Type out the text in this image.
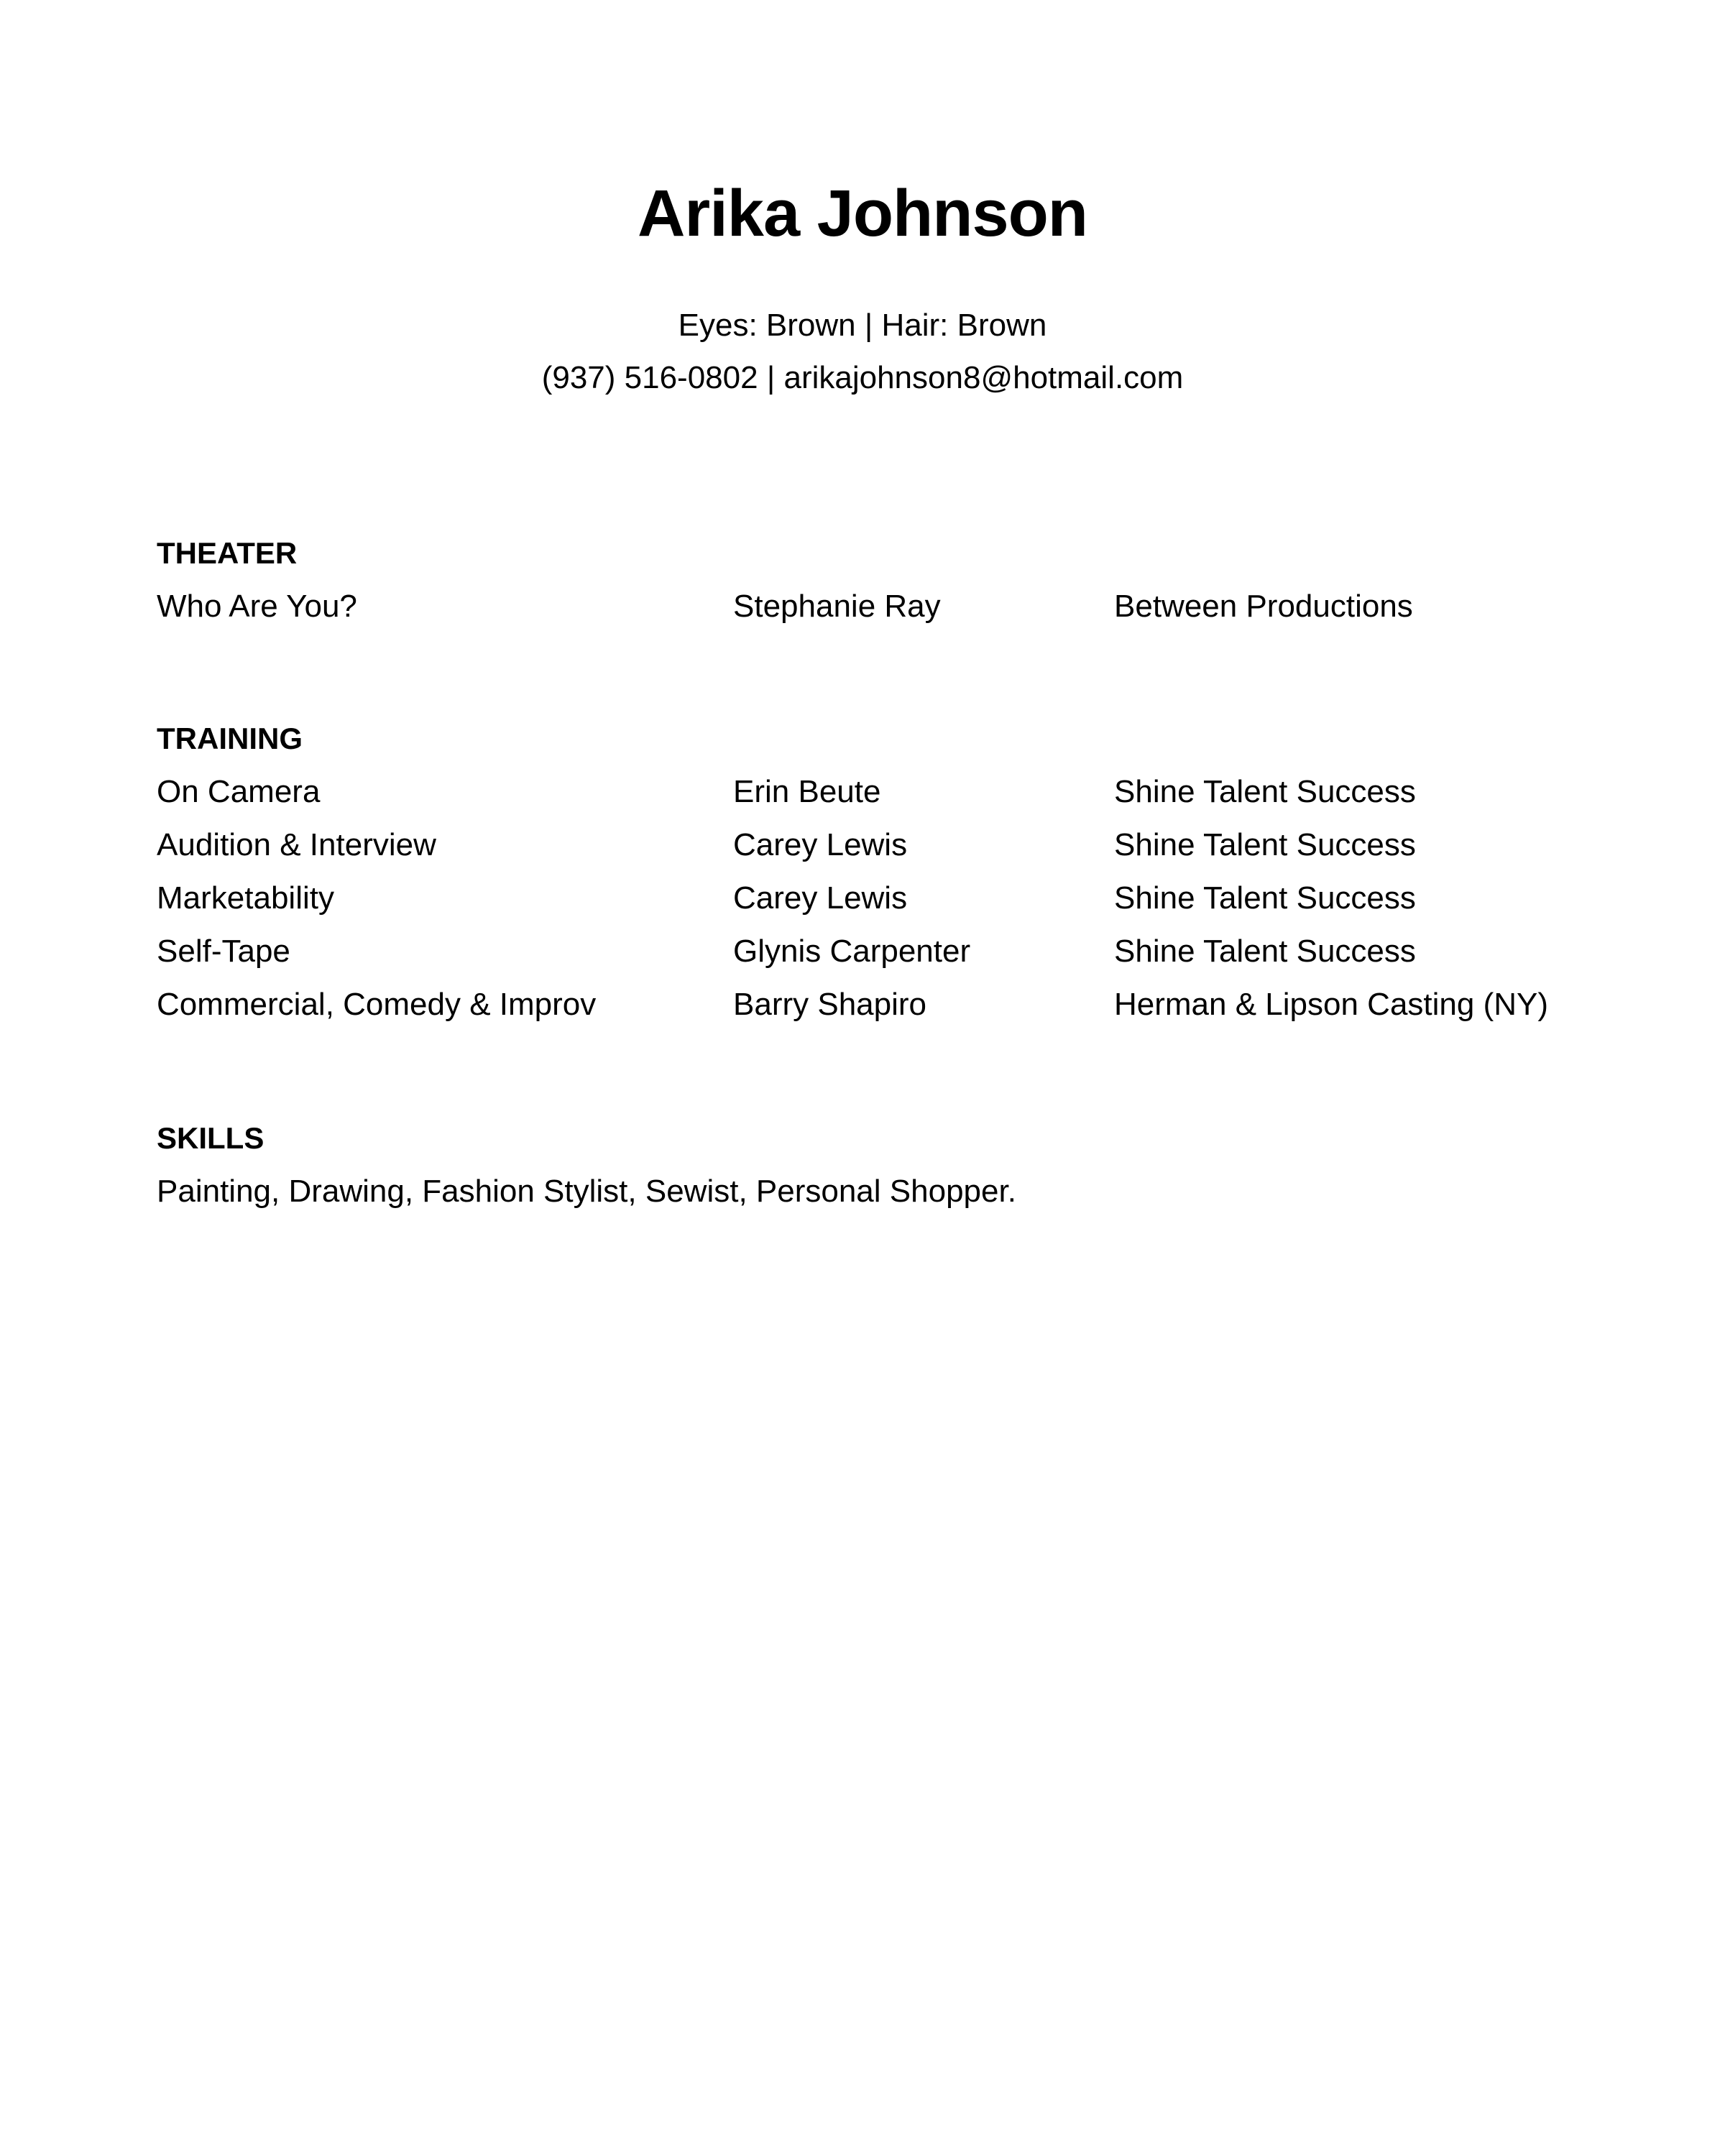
Arika Johnson
Eyes: Brown | Hair: Brown
(937) 516-0802 | arikajohnson8@hotmail.com
THEATER
Who Are You?	Stephanie Ray	Between Productions
TRAINING
On Camera	Erin Beute	Shine Talent Success
Audition & Interview	Carey Lewis	Shine Talent Success
Marketability	Carey Lewis	Shine Talent Success
Self-Tape	Glynis Carpenter	Shine Talent Success
Commercial, Comedy & Improv	Barry Shapiro	Herman & Lipson Casting (NY)
SKILLS
Painting, Drawing, Fashion Stylist, Sewist, Personal Shopper.
